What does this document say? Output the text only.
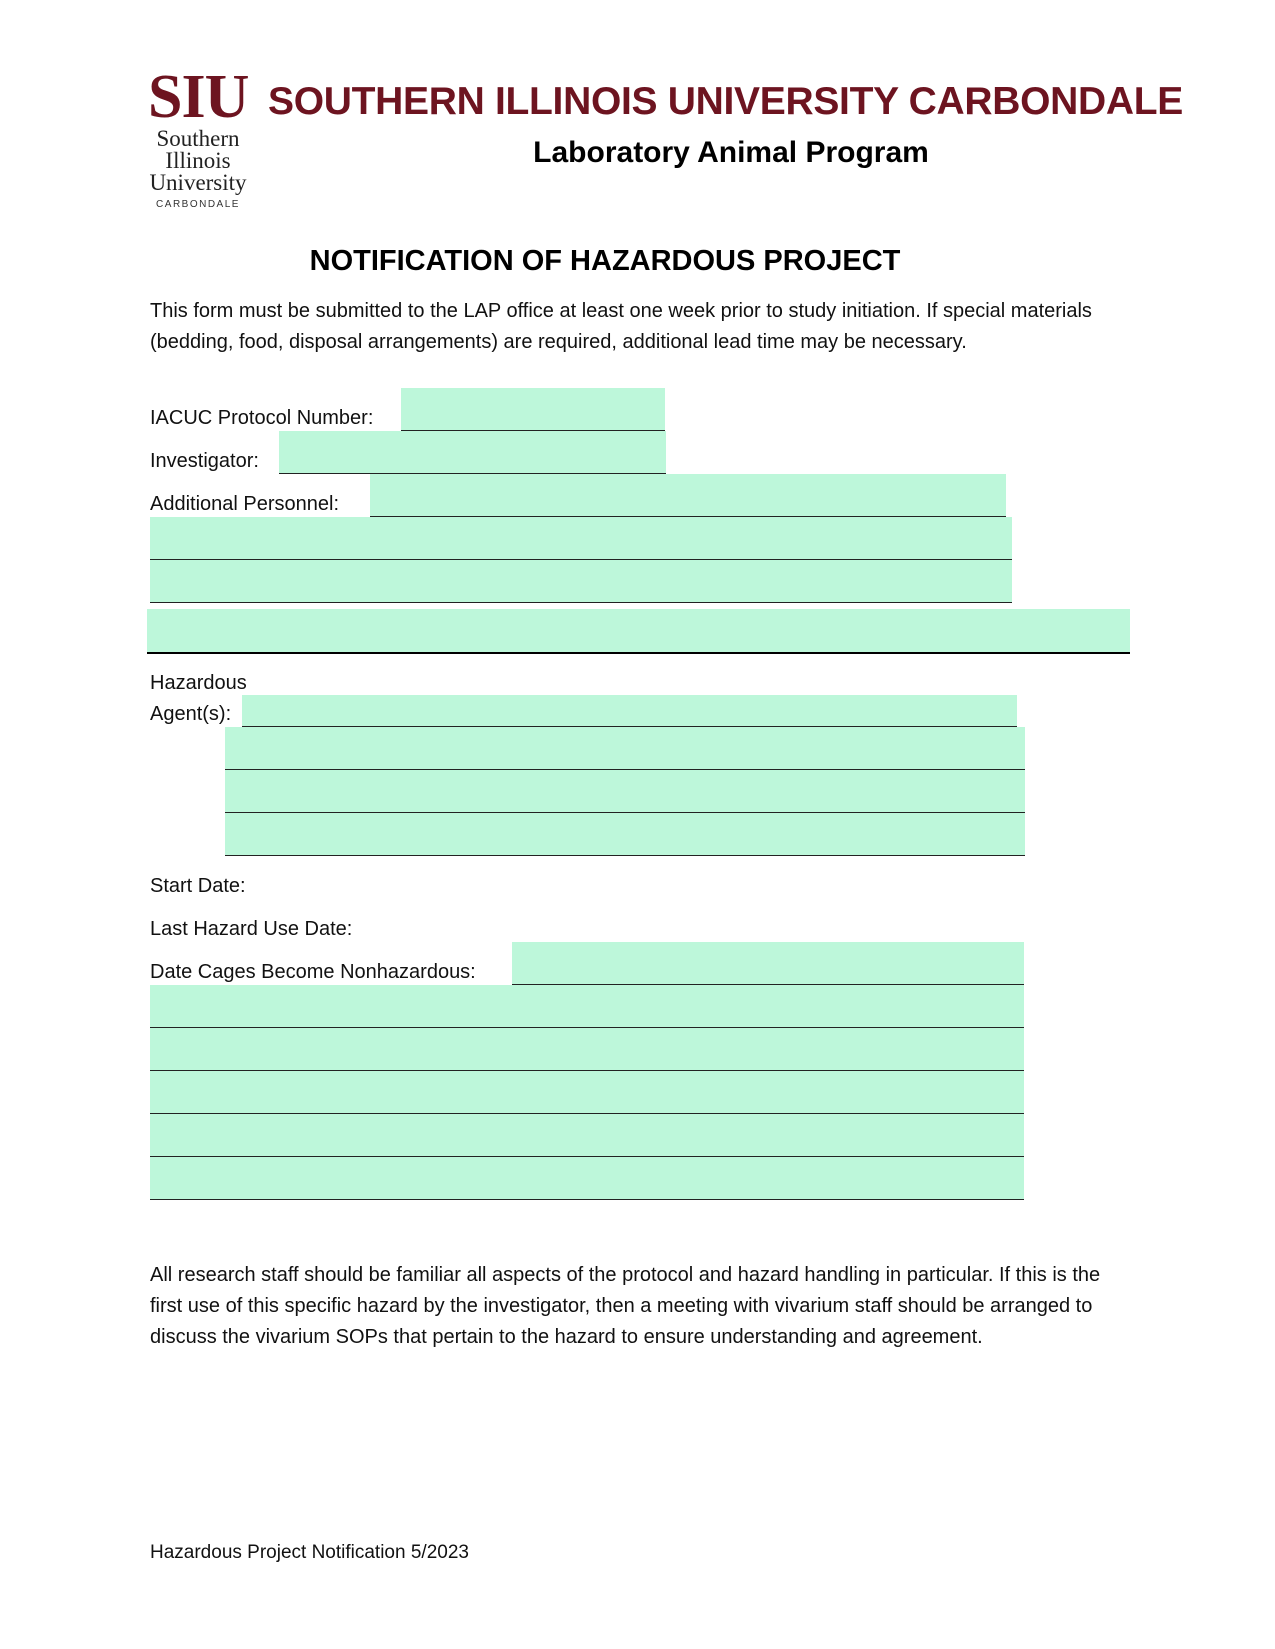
SIU
Southern
Illinois
University
CARBONDALE
SOUTHERN ILLINOIS UNIVERSITY CARBONDALE
Laboratory Animal Program
NOTIFICATION OF HAZARDOUS PROJECT
This form must be submitted to the LAP office at least one week prior to study initiation. If special materials (bedding, food, disposal arrangements) are required, additional lead time may be necessary.
IACUC Protocol Number:
Investigator:
Additional Personnel:
Hazardous
Agent(s):
Start Date:
Last Hazard Use Date:
Date Cages Become Nonhazardous:
All research staff should be familiar all aspects of the protocol and hazard handling in particular. If this is the first use of this specific hazard by the investigator, then a meeting with vivarium staff should be arranged to discuss the vivarium SOPs that pertain to the hazard to ensure understanding and agreement.
Hazardous Project Notification 5/2023
